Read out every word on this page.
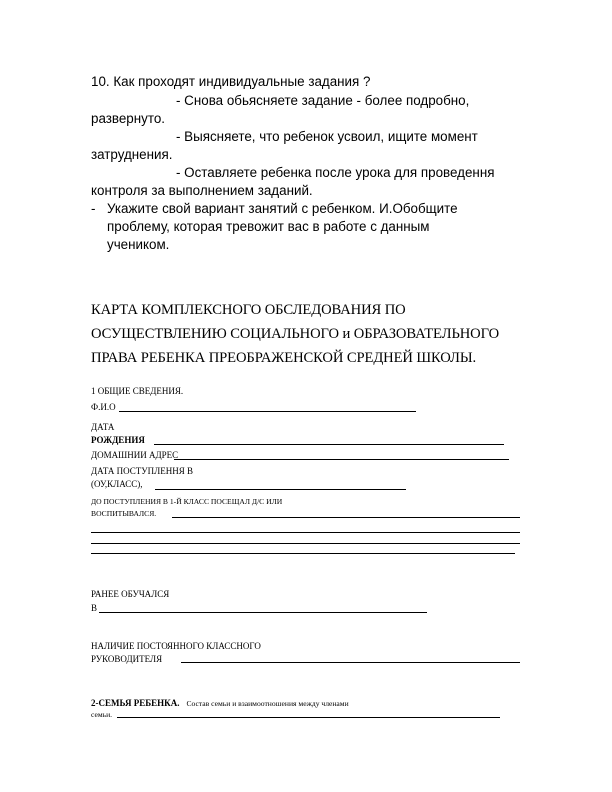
10. Как проходят индивидуальные задания ?
- Снова обьясняете задание - более подробно,
развернуто.
- Выясняете, что ребенок усвоил, ищите момент
затруднения.
- Оставляете ребенка после урока для проведення
контроля за выполнением заданий.
- Укажите свой вариант занятий с ребенком. И.Обобщите
проблему, которая тревожит вас в работе с данным
учеником.
КАРТА КОМПЛЕКСНОГО ОБСЛЕДОВАНИЯ ПО
ОСУЩЕСТВЛЕНИЮ СОЦИАЛЬНОГО и ОБРАЗОВАТЕЛЬНОГО
ПРАВА РЕБЕНКА ПРЕОБРАЖЕНСКОЙ СРЕДНЕЙ ШКОЛЫ.
1 ОБЩИЕ СВЕДЕНИЯ.
Ф.И.О
ДАТА
РОЖДЕНИЯ
ДОМАШНИИ АДРЕС
ДАТА ПОСТУПЛЕННЯ В
(ОУ,КЛАСС),
ДО ПОСТУПЛЕНИЯ В 1-Й КЛАСС ПОСЕЩАЛ Д/С ИЛИ
ВОСПИТЫВАЛСЯ.
РАНЕЕ ОБУЧАЛСЯ
В
НАЛИЧИЕ ПОСТОЯННОГО КЛАССНОГО
РУКОВОДИТЕЛЯ
2-СЕМЬЯ РЕБЕНКА. Состав семьи и взаимоотношения между членами
семьи.
